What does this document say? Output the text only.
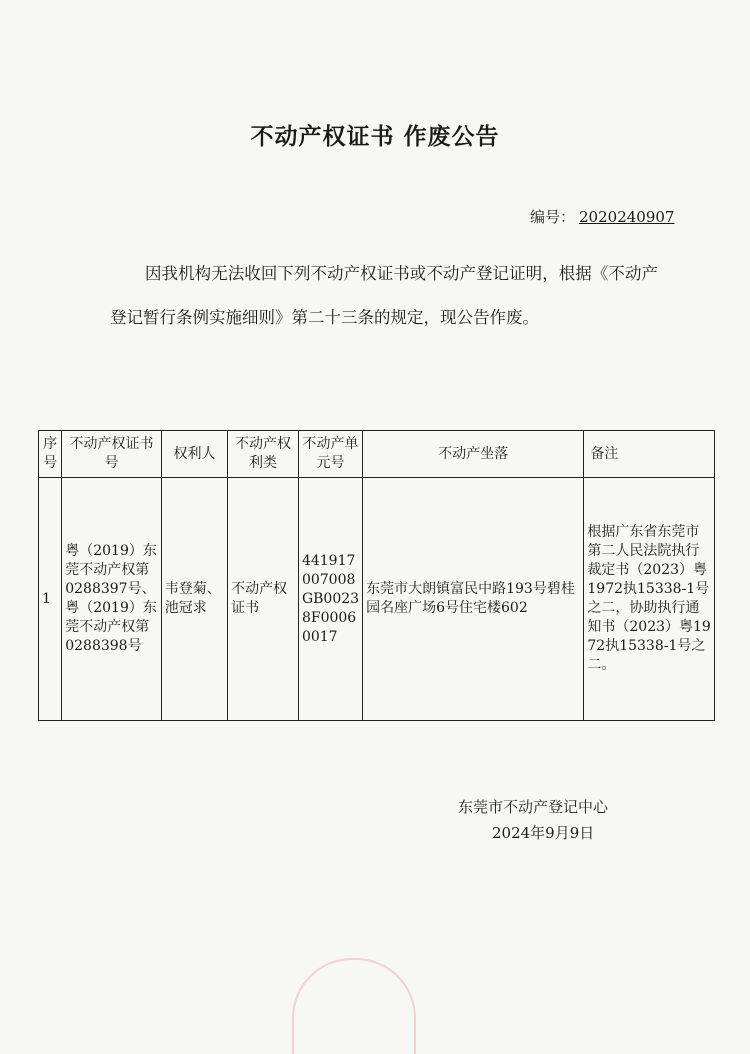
不动产权证书 作废公告
编号： 2020240907
因我机构无法收回下列不动产权证书或不动产登记证明，根据《不动产登记暂行条例实施细则》第二十三条的规定，现公告作废。
序号	不动产权证书号	权利人	不动产权利类	不动产单元号	不动产坐落	备注
1	粤（2019）东莞不动产权第0288397号、粤（2019）东莞不动产权第0288398号	韦登菊、池冠求	不动产权证书	441917007008GB00238F00060017	东莞市大朗镇富民中路193号碧桂园名座广场6号住宅楼602	根据广东省东莞市第二人民法院执行裁定书（2023）粤1972执15338-1号之二，协助执行通知书（2023）粤1972执15338-1号之二。
东莞市不动产登记中心
2024年9月9日
